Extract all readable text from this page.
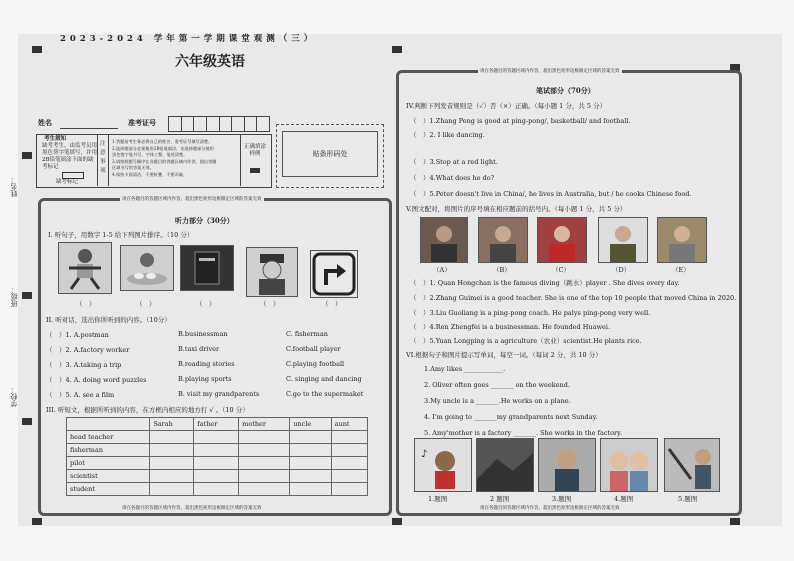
姓名：
班级：
学校：
2023-2024 学年第一学期课堂观测（三）
六年级英语
姓名	准考证号
考生须知
缺考考生，由监考员用
黑色签字笔填写，并用
2B铅笔填涂下面的缺
考标记
缺考标记
注意事项
1.答题前考生务必将自己的姓名、准考证号填写清楚。
2.选择题部分必须使用2B铅笔填涂，非选择题部分使用
黑色签字笔书写，字体工整、笔迹清楚。
3.请按照题号顺序在各题目的答题区域内作答，超出答题
区域书写的答案无效。
4.保持卡面清洁，不要折叠、不要弄破。
正确填涂样例	贴条形码处
请在各题目的答题区域内作答，超出黑色矩形边框限定区域的答案无效
请在各题目的答题区域内作答，超出黑色矩形边框限定区域的答案无效
听力部分（30分）
I. 听句子，用数字 1-5 给下列图片排序。（10 分）
（　）	（　）	（　）	（　）	（　）
II. 听对话，选出你所听到的内容。（10分）
（　）1. A.postman	B.businessman	C. fisherman
（　）2. A.factory worker	B.taxi driver	C.football player
（　）3. A.taking a trip	B.reading stories	C.playing football
（　）4. A. doing word puzzles	B.playing sports	C. singing and dancing
（　）5. A. see a film	B. visit my grandparents	C.go to the supermaket
III. 听短文，根据所听到的内容，在方框内相应的地方打 √ 。（10 分）
	Sarah	father	mother	uncle	aunt
head teacher					
fisherman					
pilot					
scientist					
student					
请在各题目的答题区域内作答，超出黑色矩形边框限定区域的答案无效
请在各题目的答题区域内作答，超出黑色矩形边框限定区域的答案无效
笔试部分（70分）
IV.判断下列发音规则是（✓）否（×）正确。（每小题 1 分，共 5 分）
（　）1.Zhang Peng is good at ping-pong/, basketball/ and football.
（　）2. I like dancing.
（　）3.Stop at a red light.
（　）4.What does he do?
（　）5.Peter doesn't live in China/, he lives in Australia, but / he cooks Chinese food.
V.图文配对，将图片的序号填在相应题前的括号内。（每小题 1 分，共 5 分）
（A）	（B）	（C）	（D）	（E）
（　）1. Quan Hongchan is the famous diving（跳水）player . She dives every day.
（　）2.Zhang Guimei is a good teacher. She is one of the top 10 people that moved China in 2020.
（　）3.Liu Guoliang is a ping-pong coach. He palys ping-pong very well.
（　）4.Ren Zhengfei is a businessman. He founded Huawei.
（　）5.Yuan Longping is a agriculture（农业）scientist.He plants rice.
VI.根据句子和图片提示写单词，每空一词。（每词 2 分，共 10 分）
1.Amy likes ____________.
2. Oliver often goes _______ on the weekend.
3.My uncle is a _______.He works on a plane.
4. I'm going to _______my grandparents next Sunday.
5. Amy'mother is a factory _______. She works in the factory.
♪
1.题图	2 题图	3.题图	4.题图	5.题图
